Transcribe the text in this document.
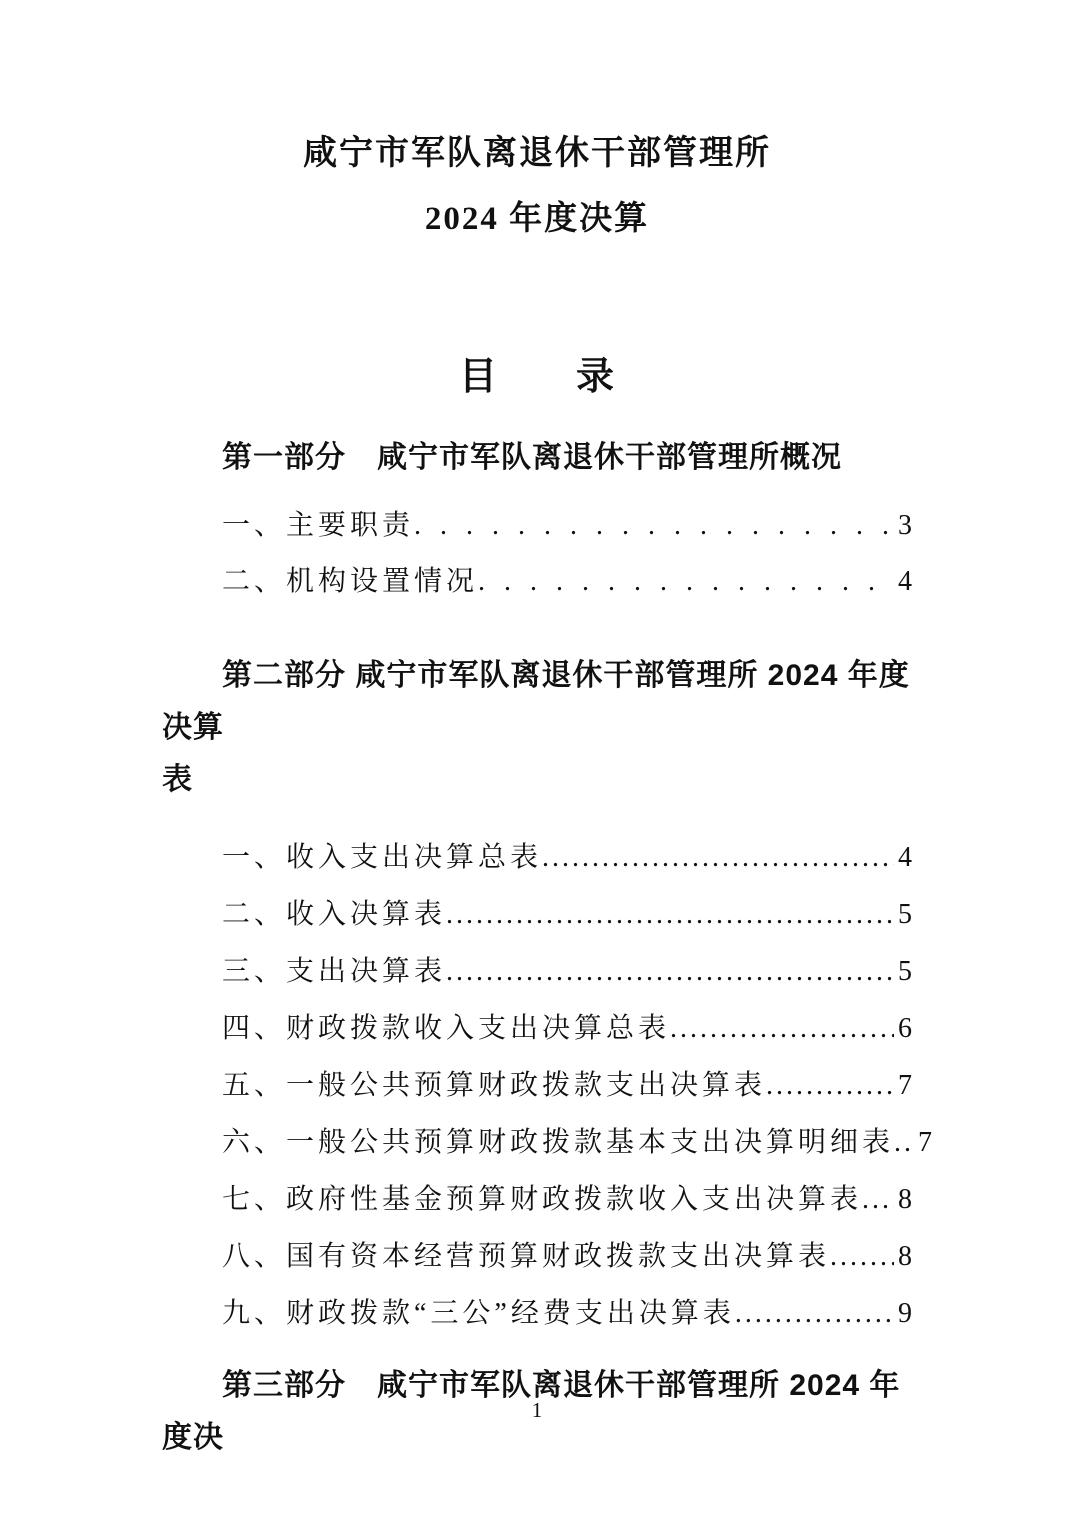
咸宁市军队离退休干部管理所
2024 年度决算
目　　录
第一部分　咸宁市军队离退休干部管理所概况
一、主要职责 . . .	3
二、机构设置情况 . . .	4
第二部分 咸宁市军队离退休干部管理所 2024 年度决算
表
一、收入支出决算总表 .....	4
二、收入决算表 .....	5
三、支出决算表 .....	5
四、财政拨款收入支出决算总表 .....	6
五、一般公共预算财政拨款支出决算表 .....	7
六、一般公共预算财政拨款基本支出决算明细表 ..... 7
七、政府性基金预算财政拨款收入支出决算表 ..... 8
八、国有资本经营预算财政拨款支出决算表 ..... 8
九、财政拨款“三公”经费支出决算表 .....	9
第三部分　咸宁市军队离退休干部管理所 2024 年度决
1
